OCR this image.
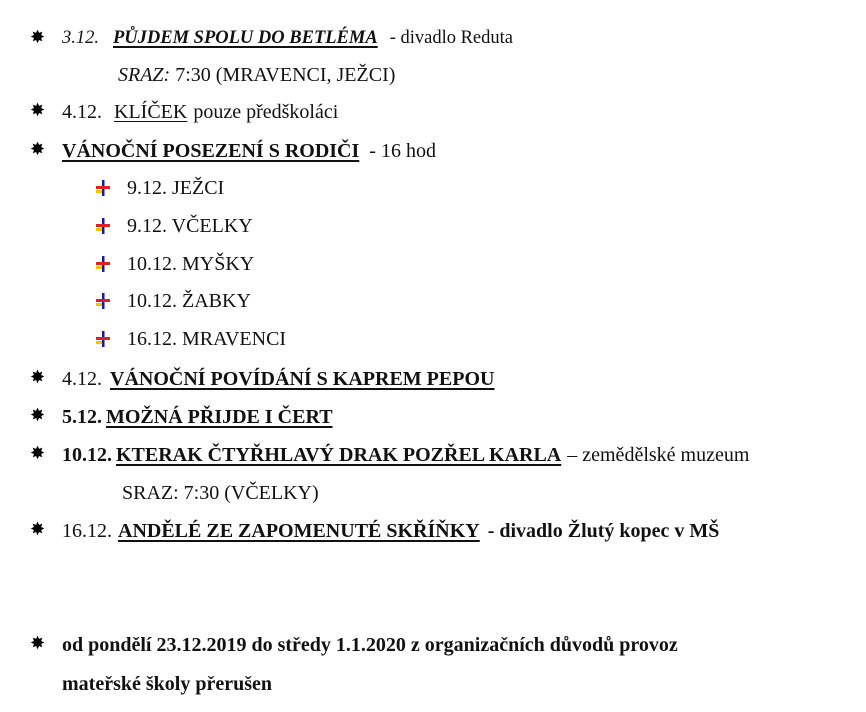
✸ 3.12. PŮJDEM SPOLU DO BETLÉMA - divadlo Reduta
SRAZ: 7:30 (MRAVENCI, JEŽCI)
✸ 4.12. KLÍČEK pouze předškoláci
✸ VÁNOČNÍ POSEZENÍ S RODIČI - 16 hod
9.12. JEŽCI
9.12. VČELKY
10.12. MYŠKY
10.12. ŽABKY
16.12. MRAVENCI
✸ 4.12. VÁNOČNÍ POVÍDÁNÍ S KAPREM PEPOU
✸ 5.12. MOŽNÁ PŘIJDE I ČERT
✸ 10.12. KTERAK ČTYŘHLAVÝ DRAK POZŘEL KARLA – zemědělské muzeum
SRAZ: 7:30 (VČELKY)
✸ 16.12. ANDĚLÉ ZE ZAPOMENUTÉ SKŘÍŇKY - divadlo Žlutý kopec v MŠ
✸ od pondělí 23.12.2019 do středy 1.1.2020 z organizačních důvodů provoz
mateřské školy přerušen
